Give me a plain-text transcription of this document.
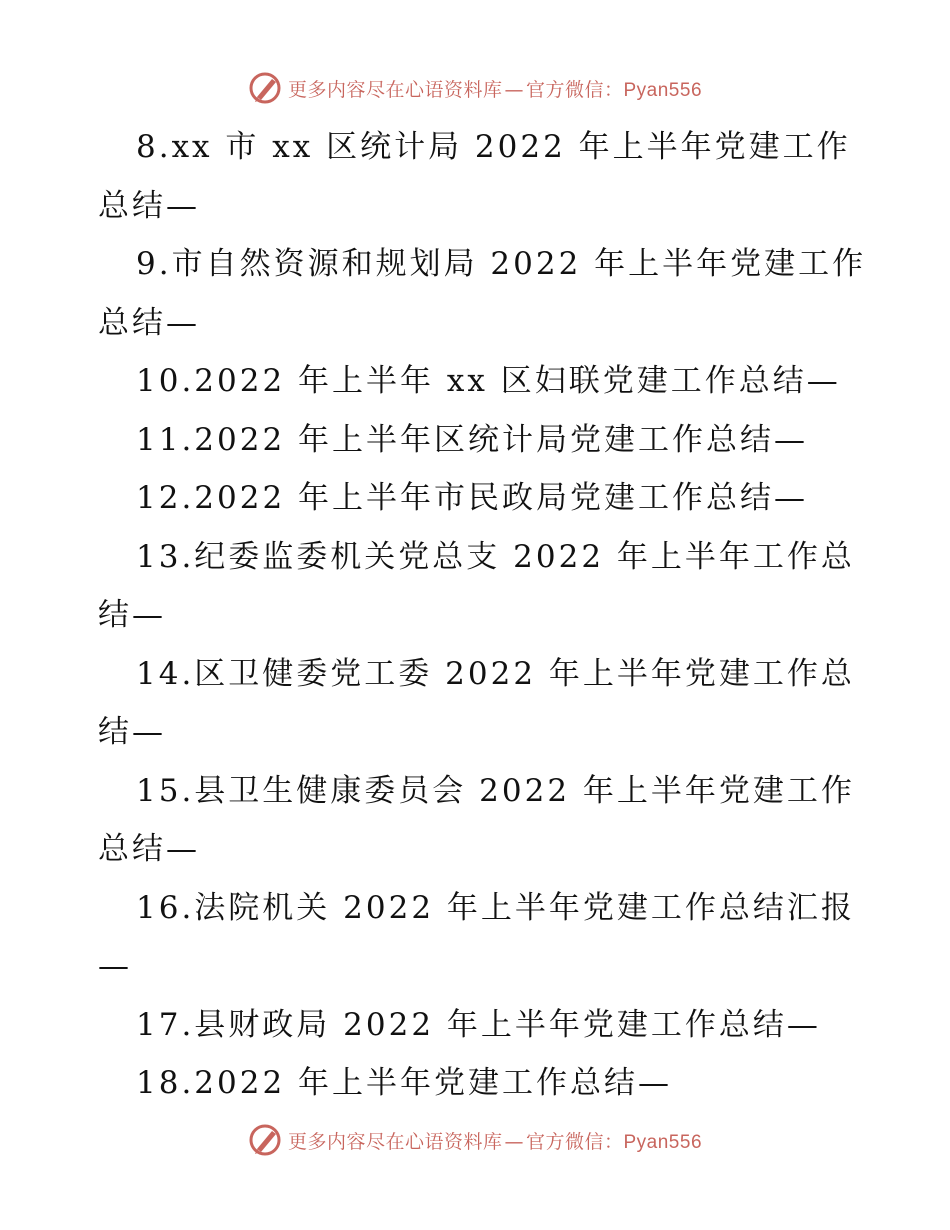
更多内容尽在心语资料库 — 官方微信：Pyan556
8.xx 市 xx 区统计局 2022 年上半年党建工作
总结—
9.市自然资源和规划局 2022 年上半年党建工作
总结—
10.2022 年上半年 xx 区妇联党建工作总结—
11.2022 年上半年区统计局党建工作总结—
12.2022 年上半年市民政局党建工作总结—
13.纪委监委机关党总支 2022 年上半年工作总
结—
14.区卫健委党工委 2022 年上半年党建工作总
结—
15.县卫生健康委员会 2022 年上半年党建工作
总结—
16.法院机关 2022 年上半年党建工作总结汇报
—
17.县财政局 2022 年上半年党建工作总结—
18.2022 年上半年党建工作总结—
更多内容尽在心语资料库 — 官方微信：Pyan556
